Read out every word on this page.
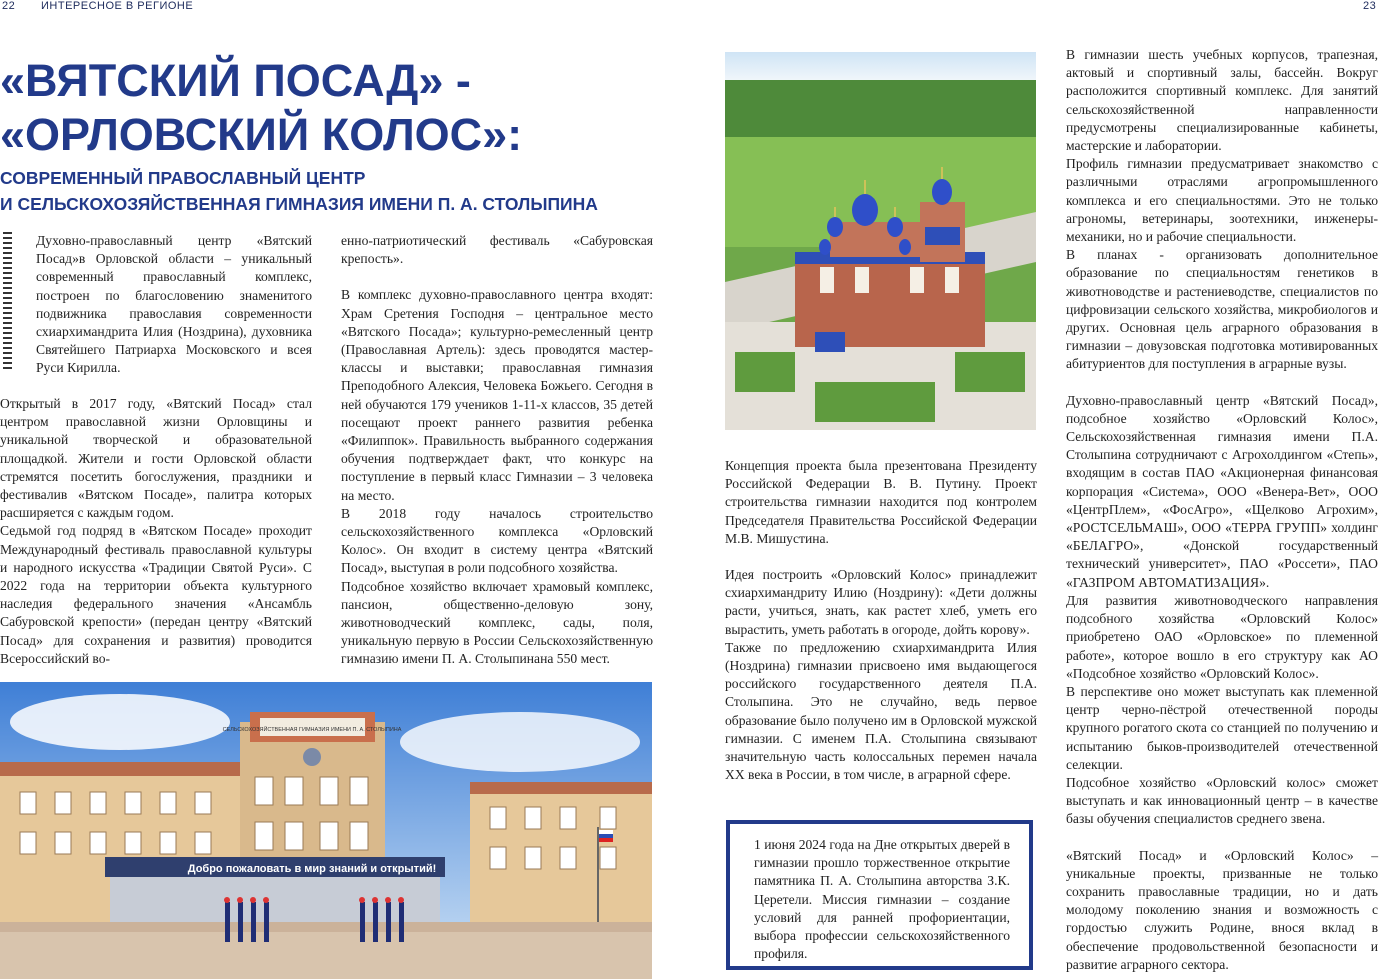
22 ИНТЕРЕСНОЕ В РЕГИОНЕ	23
«ВЯТСКИЙ ПОСАД» -
«ОРЛОВСКИЙ КОЛОС»:
СОВРЕМЕННЫЙ ПРАВОСЛАВНЫЙ ЦЕНТР
И СЕЛЬСКОХОЗЯЙСТВЕННАЯ ГИМНАЗИЯ ИМЕНИ П. А. СТОЛЫПИНА

Духовно-православный центр «Вятский Посад»в Орловской области – уникальный современный православный комплекс, построен по благословению знаменитого подвижника православия современности схиархимандрита Илия (Ноздрина), духовника Святейшего Патриарха Московского и всея Руси Кирилла.

Открытый в 2017 году, «Вятский Посад» стал центром православной жизни Орловщины и уникальной творческой и образовательной площадкой. Жители и гости Орловской области стремятся посетить богослужения, праздники и фестивалив «Вятском Посаде», палитра которых расширяется с каждым годом.

Седьмой год подряд в «Вятском Посаде» проходит Международный фестиваль православной культуры и народного искусства «Традиции Святой Руси». С 2022 года на территории объекта культурного наследия федерального значения «Ансамбль Сабуровской крепости» (передан центру «Вятский Посад» для сохранения и развития) проводится Всероссийский во-

енно-патриотический фестиваль «Сабуровская крепость».

В комплекс духовно-православного центра входят: Храм Сретения Господня – центральное место «Вятского Посада»; культурно-ремесленный центр (Православная Артель): здесь проводятся мастер-классы и выставки; православная гимназия Преподобного Алексия, Человека Божьего. Сегодня в ней обучаются 179 учеников 1-11-х классов, 35 детей посещают проект раннего развития ребенка «Филиппок». Правильность выбранного содержания обучения подтверждает факт, что конкурс на поступление в первый класс Гимназии – 3 человека на место.

В 2018 году началось строительство сельскохозяйственного комплекса «Орловский Колос». Он входит в систему центра «Вятский Посад», выступая в роли подсобного хозяйства.

Подсобное хозяйство включает храмовый комплекс, пансион, общественно-деловую зону, животноводческий комплекс, сады, поля, уникальную первую в России Сельскохозяйственную гимназию имени П. А. Столыпинана 550 мест.

СЕЛЬСКОХОЗЯЙСТВЕННАЯ ГИМНАЗИЯ ИМЕНИ П. А. СТОЛЫПИНА
Добро пожаловать в мир знаний и открытий!

Концепция проекта была презентована Президенту Российской Федерации В. В. Путину. Проект строительства гимназии находится под контролем Председателя Правительства Российской Федерации М.В. Мишустина.

Идея построить «Орловский Колос» принадлежит схиархимандриту Илию (Ноздрину): «Дети должны расти, учиться, знать, как растет хлеб, уметь его вырастить, уметь работать в огороде, дойть корову».

Также по предложению схиархимандрита Илия (Ноздрина) гимназии присвоено имя выдающегося российского государственного деятеля П.А. Столыпина. Это не случайно, ведь первое образование было получено им в Орловской мужской гимназии. С именем П.А. Столыпина связывают значительную часть колоссальных перемен начала XX века в России, в том числе, в аграрной сфере.

1 июня 2024 года на Дне открытых дверей в гимназии прошло торжественное открытие памятника П. А. Столыпина авторства З.К. Церетели. Миссия гимназии – создание условий для ранней профориентации, выбора профессии сельскохозяйственного профиля.

В гимназии шесть учебных корпусов, трапезная, актовый и спортивный залы, бассейн. Вокруг расположится спортивный комплекс. Для занятий сельскохозяйственной направленности предусмотрены специализированные кабинеты, мастерские и лаборатории.

Профиль гимназии предусматривает знакомство с различными отраслями агропромышленного комплекса и его специальностями. Это не только агрономы, ветеринары, зоотехники, инженеры-механики, но и рабочие специальности.

В планах - организовать дополнительное образование по специальностям генетиков в животноводстве и растениеводстве, специалистов по цифровизации сельского хозяйства, микробиологов и других. Основная цель аграрного образования в гимназии – довузовская подготовка мотивированных абитуриентов для поступления в аграрные вузы.

Духовно-православный центр «Вятский Посад», подсобное хозяйство «Орловский Колос», Сельскохозяйственная гимназия имени П.А. Столыпина сотрудничают с Агрохолдингом «Степь», входящим в состав ПАО «Акционерная финансовая корпорация «Система», ООО «Венера-Вет», ООО «ЦентрПлем», «ФосАгро», «Щелково Агрохим», «РОСТСЕЛЬМАШ», ООО «ТЕРРА ГРУПП» холдинг «БЕЛАГРО», «Донской государственный технический университет», ПАО «Россети», ПАО «ГАЗПРОМ АВТОМАТИЗАЦИЯ».

Для развития животноводческого направления подсобного хозяйства «Орловский Колос» приобретено ОАО «Орловское» по племенной работе», которое вошло в его структуру как АО «Подсобное хозяйство «Орловский Колос».

В перспективе оно может выступать как племенной центр черно-пёстрой отечественной породы крупного рогатого скота со станцией по получению и испытанию быков-производителей отечественной селекции.

Подсобное хозяйство «Орловский колос» сможет выступать и как инновационный центр – в качестве базы обучения специалистов среднего звена.

«Вятский Посад» и «Орловский Колос» – уникальные проекты, призванные не только сохранить православные традиции, но и дать молодому поколению знания и возможность с гордостью служить Родине, внося вклад в обеспечение продовольственной безопасности и развитие аграрного сектора.
